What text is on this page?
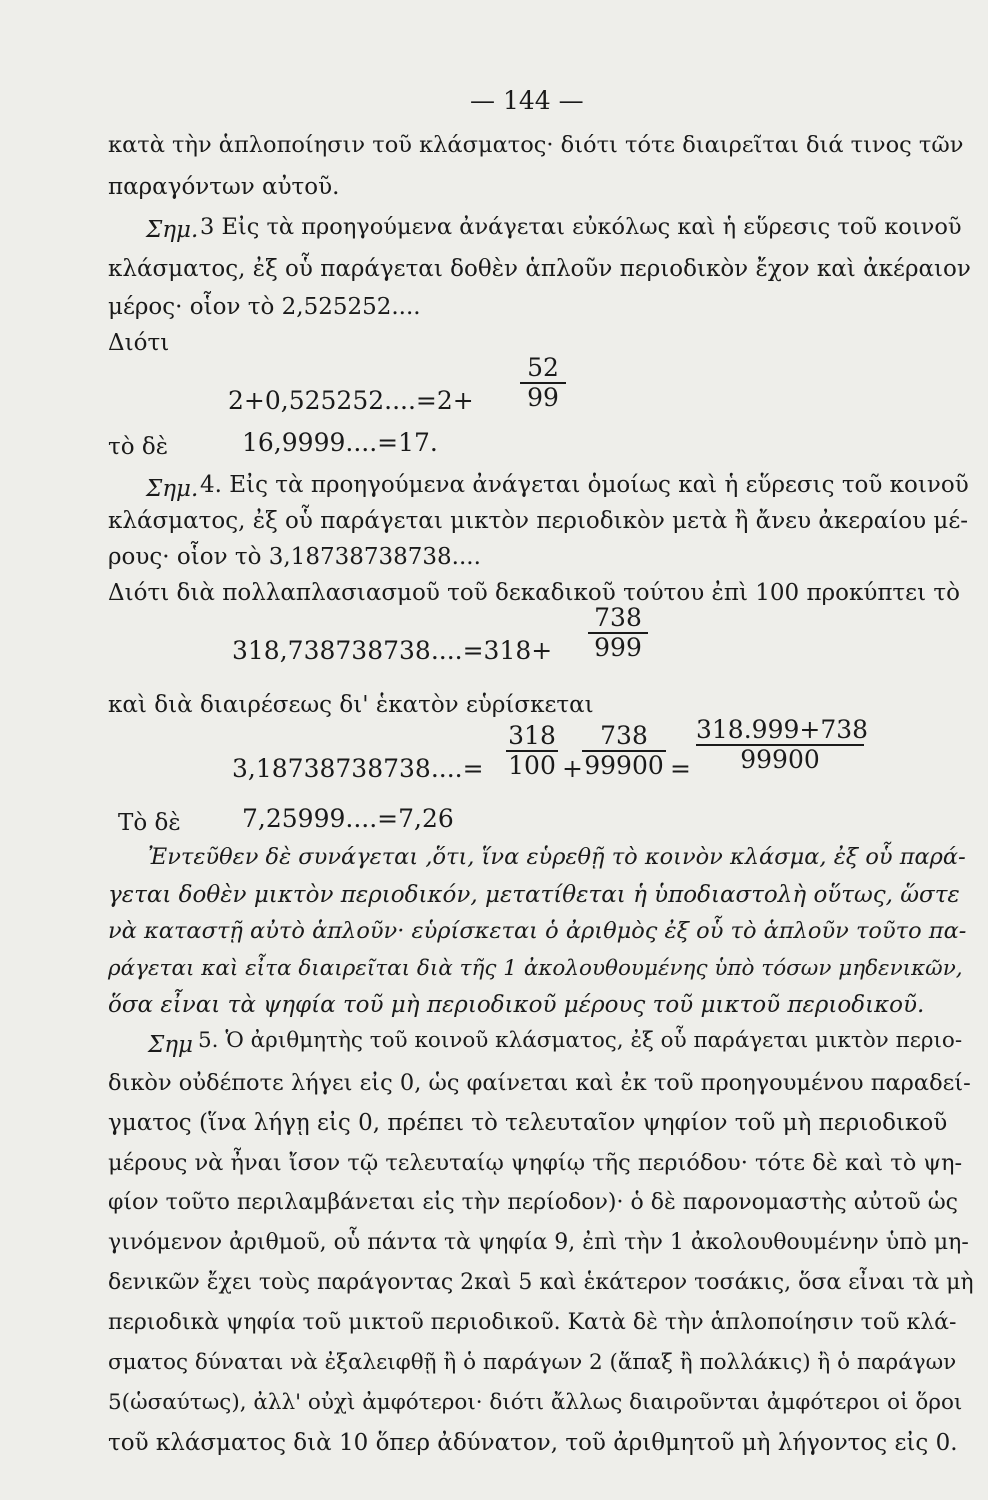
— 144 —
κατὰ τὴν ἁπλοποίησιν τοῦ κλάσματος· διότι τότε διαιρεῖται διά τινος τῶν
παραγόντων αὐτοῦ.
Σημ. 3 Εἰς τὰ προηγούμενα ἀνάγεται εὐκόλως καὶ ἡ εὕρεσις τοῦ κοινοῦ
κλάσματος, ἐξ οὗ παράγεται δοθὲν ἁπλοῦν περιοδικὸν ἔχον καὶ ἀκέραιον
μέρος· οἷον τὸ 2,525252....
Διότι
$2+0,525252....=2+ \frac{52}{99}$
τὸ δὲ	16,9999....=17.
Σημ. 4. Εἰς τὰ προηγούμενα ἀνάγεται ὁμοίως καὶ ἡ εὕρεσις τοῦ κοινοῦ
κλάσματος, ἐξ οὗ παράγεται μικτὸν περιοδικὸν μετὰ ἢ ἄνευ ἀκεραίου μέ-
ρους· οἷον τὸ 3,18738738738....
Διότι διὰ πολλαπλασιασμοῦ τοῦ δεκαδικοῦ τούτου ἐπὶ 100 προκύπτει τὸ
$318,738738738....=318+ \frac{738}{999}$
καὶ διὰ διαιρέσεως δι' ἑκατὸν εὑρίσκεται
$3,18738738738....= \frac{318}{100} + \frac{738}{99900} = \frac{318.999+738}{99900}$
Τὸ δὲ 7,25999....=7,26
Ἐντεῦθεν δὲ συνάγεται ,ὅτι, ἵνα εὑρεθῇ τὸ κοινὸν κλάσμα, ἐξ οὗ παρά-
γεται δοθὲν μικτὸν περιοδικόν, μετατίθεται ἡ ὑποδιαστολὴ οὕτως, ὥστε
νὰ καταστῇ αὐτὸ ἁπλοῦν· εὑρίσκεται ὁ ἀριθμὸς ἐξ οὗ τὸ ἁπλοῦν τοῦτο πα-
ράγεται καὶ εἶτα διαιρεῖται διὰ τῆς 1 ἀκολουθουμένης ὑπὸ τόσων μηδενικῶν,
ὅσα εἶναι τὰ ψηφία τοῦ μὴ περιοδικοῦ μέρους τοῦ μικτοῦ περιοδικοῦ.
Σημ 5. Ὁ ἀριθμητὴς τοῦ κοινοῦ κλάσματος, ἐξ οὗ παράγεται μικτὸν περιο-
δικὸν οὐδέποτε λήγει εἰς 0, ὡς φαίνεται καὶ ἐκ τοῦ προηγουμένου παραδεί-
γματος (ἵνα λήγῃ εἰς 0, πρέπει τὸ τελευταῖον ψηφίον τοῦ μὴ περιοδικοῦ
μέρους νὰ ἦναι ἴσον τῷ τελευταίῳ ψηφίῳ τῆς περιόδου· τότε δὲ καὶ τὸ ψη-
φίον τοῦτο περιλαμβάνεται εἰς τὴν περίοδον)· ὁ δὲ παρονομαστὴς αὐτοῦ ὡς
γινόμενον ἀριθμοῦ, οὗ πάντα τὰ ψηφία 9, ἐπὶ τὴν 1 ἀκολουθουμένην ὑπὸ μη-
δενικῶν ἔχει τοὺς παράγοντας 2καὶ 5 καὶ ἑκάτερον τοσάκις, ὅσα εἶναι τὰ μὴ
περιοδικὰ ψηφία τοῦ μικτοῦ περιοδικοῦ. Κατὰ δὲ τὴν ἁπλοποίησιν τοῦ κλά-
σματος δύναται νὰ ἐξαλειφθῇ ἢ ὁ παράγων 2 (ἅπαξ ἢ πολλάκις) ἢ ὁ παράγων
5(ὡσαύτως), ἀλλ' οὐχὶ ἀμφότεροι· διότι ἄλλως διαιροῦνται ἀμφότεροι οἱ ὅροι
τοῦ κλάσματος διὰ 10 ὅπερ ἀδύνατον, τοῦ ἀριθμητοῦ μὴ λήγοντος εἰς 0.
